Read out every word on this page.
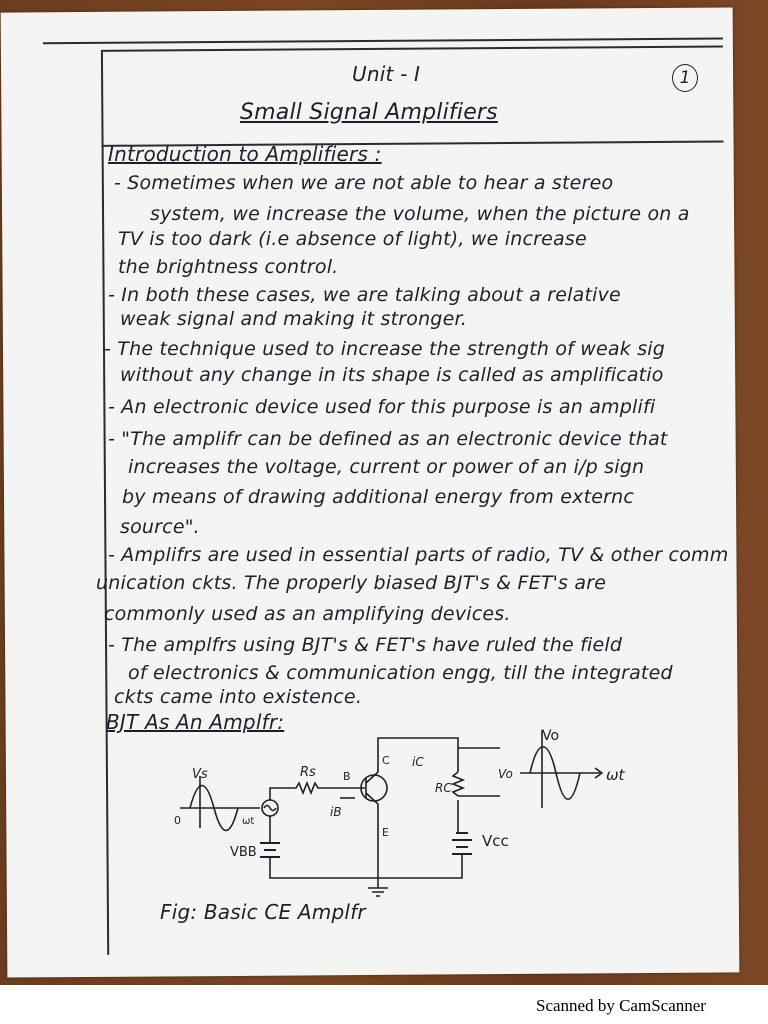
Unit - I	1
Small Signal Amplifiers
Introduction to Amplifiers :
- Sometimes when we are not able to hear a stereo
system, we increase the volume, when the picture on a
TV is too dark (i.e absence of light), we increase
the brightness control.
- In both these cases, we are talking about a relative
weak signal and making it stronger.
- The technique used to increase the strength of weak sig
without any change in its shape is called as amplificatio
- An electronic device used for this purpose is an amplifi
- "The amplifr can be defined as an electronic device that
increases the voltage, current or power of an i/p sign
by means of drawing additional energy from externc
source".
- Amplifrs are used in essential parts of radio, TV & other comm
unication ckts. The properly biased BJT's & FET's are
commonly used as an amplifying devices.
- The amplfrs using BJT's & FET's have ruled the field
of electronics & communication engg, till the integrated
ckts came into existence.
BJT As An Amplfr:
Vs
0	ωt
Rs B
iB
C iC
RC
Vo
Vcc
E
VBB
Vo
ωt
Fig: Basic CE Amplfr
Scanned by CamScanner
